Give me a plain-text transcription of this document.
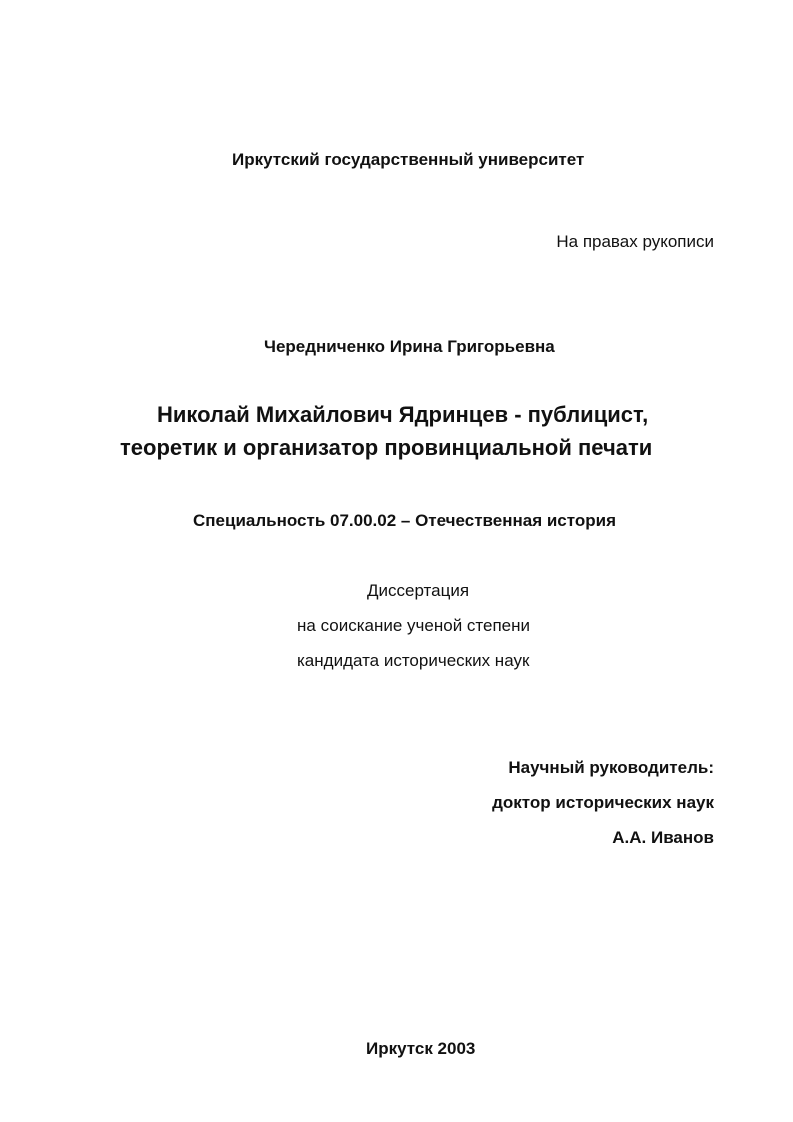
Иркутский государственный университет
На правах рукописи
Чередниченко Ирина Григорьевна
Николай Михайлович Ядринцев - публицист,
теоретик и организатор провинциальной печати
Специальность 07.00.02 – Отечественная история
Диссертация
на соискание ученой степени
кандидата исторических наук
Научный руководитель:
доктор исторических наук
А.А. Иванов
Иркутск 2003
